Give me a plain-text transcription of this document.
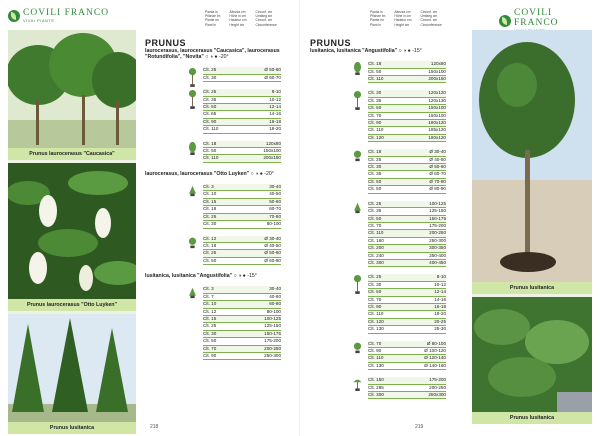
COVILI FRANCO
VIVAI PIANTE
Pianta in
Pflanze im
Plante en
Plant in
Altezza cm
Höhe in cm
Hauteur cm
Height cm
Circonf. cm
Umfang cm
Circonf. cm
Circumference
Prunus laurocerasus "Caucasica"
Prunus laurocerasus "Otto Luyken"
Prunus lusitanica
PRUNUS
laurocerasus, laurocerasus "Caucasica", laurocerasus "Rotundifolia", "Novita" ○ ◑ ● -20°
Clt. 25	Ø 50-60
Clt. 30	Ø 60-70
Clt. 25	8-10
Clt. 35	10-12
Clt. 50	12-14
Clt. 65	14-16
Clt. 90	16-18
Clt. 110	18-20
Clt. 18	120x80
Clt. 50	150x100
Clt. 110	200x150
laurocerasus, laurocerasus "Otto Luyken" ○ ◑ ● -20°
Clt. 3	30-40
Clt. 10	40-50
Clt. 15	50-60
Clt. 18	60-70
Clt. 25	70-80
Clt. 30	80-100
Clt. 12	Ø 30-40
Clt. 18	Ø 40-50
Clt. 25	Ø 50-60
Clt. 50	Ø 60-80
lusitanica, lusitanica "Angustifolia" ○ ◑ ● -15°
Clt. 3	30-40
Clt. 7	40-60
Clt. 10	60-80
Clt. 12	80-100
Clt. 15	100-125
Clt. 25	125-150
Clt. 30	150-175
Clt. 50	175-200
Clt. 70	200-250
Clt. 90	250-300
218
COVILI FRANCO
Pianta in
Pflanze im
Plante en
Plant in
Altezza cm
Höhe in cm
Hauteur cm
Height cm
Circonf. cm
Umfang cm
Circonf. cm
Circumference
Prunus lusitanica
Prunus lusitanica
PRUNUS
lusitanica, lusitanica "Angustifolia" ○ ◑ ● -15°
Clt. 18	120x80
Clt. 50	150x100
Clt. 110	200x150
Clt. 30	120x120
Clt. 35	120x130
Clt. 50	150x100
Clt. 70	150x100
Clt. 90	180x120
Clt. 110	185x120
Clt. 120	180x120
Clt. 18	Ø 30-40
Clt. 25	Ø 40-50
Clt. 30	Ø 50-60
Clt. 35	Ø 60-70
Clt. 50	Ø 70-80
Clt. 50	Ø 80-90
Clt. 25	100-125
Clt. 35	125-150
Clt. 50	150-175
Clt. 70	175-200
Clt. 110	200-250
Clt. 160	250-300
Clt. 200	300-350
Clt. 240	350-400
Clt. 300	400-450
Clt. 25	8-10
Clt. 30	10-12
Clt. 50	12-14
Clt. 70	14-16
Clt. 90	16-18
Clt. 110	18-20
Clt. 120	20-25
Clt. 130	25-30
Clt. 70	Ø 80-100
Clt. 90	Ø 100-120
Clt. 110	Ø 120-140
Clt. 130	Ø 140-160
Clt. 150	175-200
Clt. 285	200-250
Clt. 300	250x300
219
